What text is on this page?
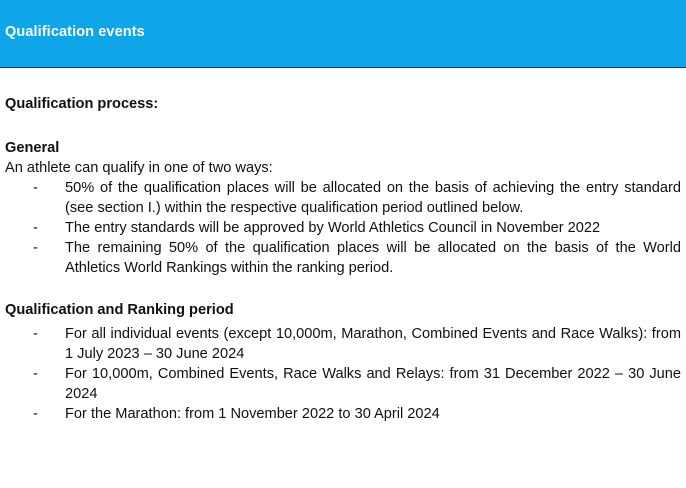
Qualification events
Qualification process:
General
An athlete can qualify in one of two ways:
- 50% of the qualification places will be allocated on the basis of achieving the entry standard (see section I.) within the respective qualification period outlined below.
- The entry standards will be approved by World Athletics Council in November 2022
- The remaining 50% of the qualification places will be allocated on the basis of the World Athletics World Rankings within the ranking period.
Qualification and Ranking period
- For all individual events (except 10,000m, Marathon, Combined Events and Race Walks): from 1 July 2023 – 30 June 2024
- For 10,000m, Combined Events, Race Walks and Relays: from 31 December 2022 – 30 June 2024
- For the Marathon: from 1 November 2022 to 30 April 2024
